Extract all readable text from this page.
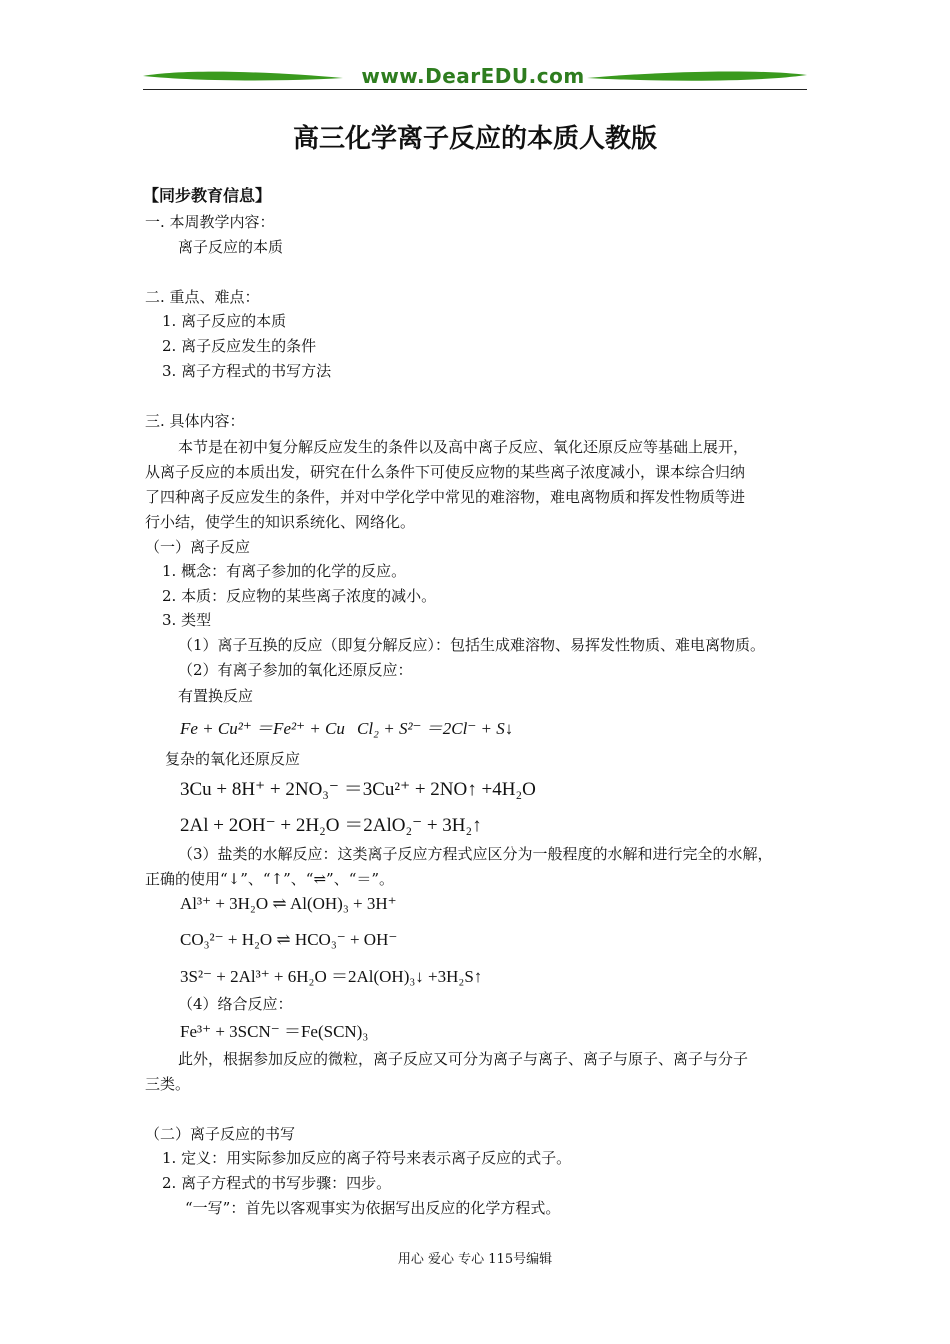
www.DearEDU.com
高三化学离子反应的本质人教版
【同步教育信息】
一. 本周教学内容：
离子反应的本质
二. 重点、难点：
1. 离子反应的本质
2. 离子反应发生的条件
3. 离子方程式的书写方法
三. 具体内容：
本节是在初中复分解反应发生的条件以及高中离子反应、氧化还原反应等基础上展开，
从离子反应的本质出发，研究在什么条件下可使反应物的某些离子浓度减小，课本综合归纳
了四种离子反应发生的条件，并对中学化学中常见的难溶物，难电离物质和挥发性物质等进
行小结，使学生的知识系统化、网络化。
（一）离子反应
1. 概念：有离子参加的化学的反应。
2. 本质：反应物的某些离子浓度的减小。
3. 类型
（1）离子互换的反应（即复分解反应）：包括生成难溶物、易挥发性物质、难电离物质。
（2）有离子参加的氧化还原反应：
有置换反应
Fe + Cu²⁺ ＝Fe²⁺ + Cu Cl₂ + S²⁻ ＝2Cl⁻ + S↓
复杂的氧化还原反应
3Cu + 8H⁺ + 2NO₃⁻ ＝3Cu²⁺ + 2NO↑ +4H₂O
2Al + 2OH⁻ + 2H₂O ＝2AlO₂⁻ + 3H₂↑
（3）盐类的水解反应：这类离子反应方程式应区分为一般程度的水解和进行完全的水解，
正确的使用“↓”、“↑”、“⇌”、“＝”。
Al³⁺ + 3H₂O ⇌ Al(OH)₃ + 3H⁺
CO₃²⁻ + H₂O ⇌ HCO₃⁻ + OH⁻
3S²⁻ + 2Al³⁺ + 6H₂O ＝2Al(OH)₃↓ +3H₂S↑
（4）络合反应：
Fe³⁺ + 3SCN⁻ ＝Fe(SCN)₃
此外，根据参加反应的微粒，离子反应又可分为离子与离子、离子与原子、离子与分子
三类。
（二）离子反应的书写
1. 定义：用实际参加反应的离子符号来表示离子反应的式子。
2. 离子方程式的书写步骤：四步。
“一写”：首先以客观事实为依据写出反应的化学方程式。
用心 爱心 专心 115号编辑
